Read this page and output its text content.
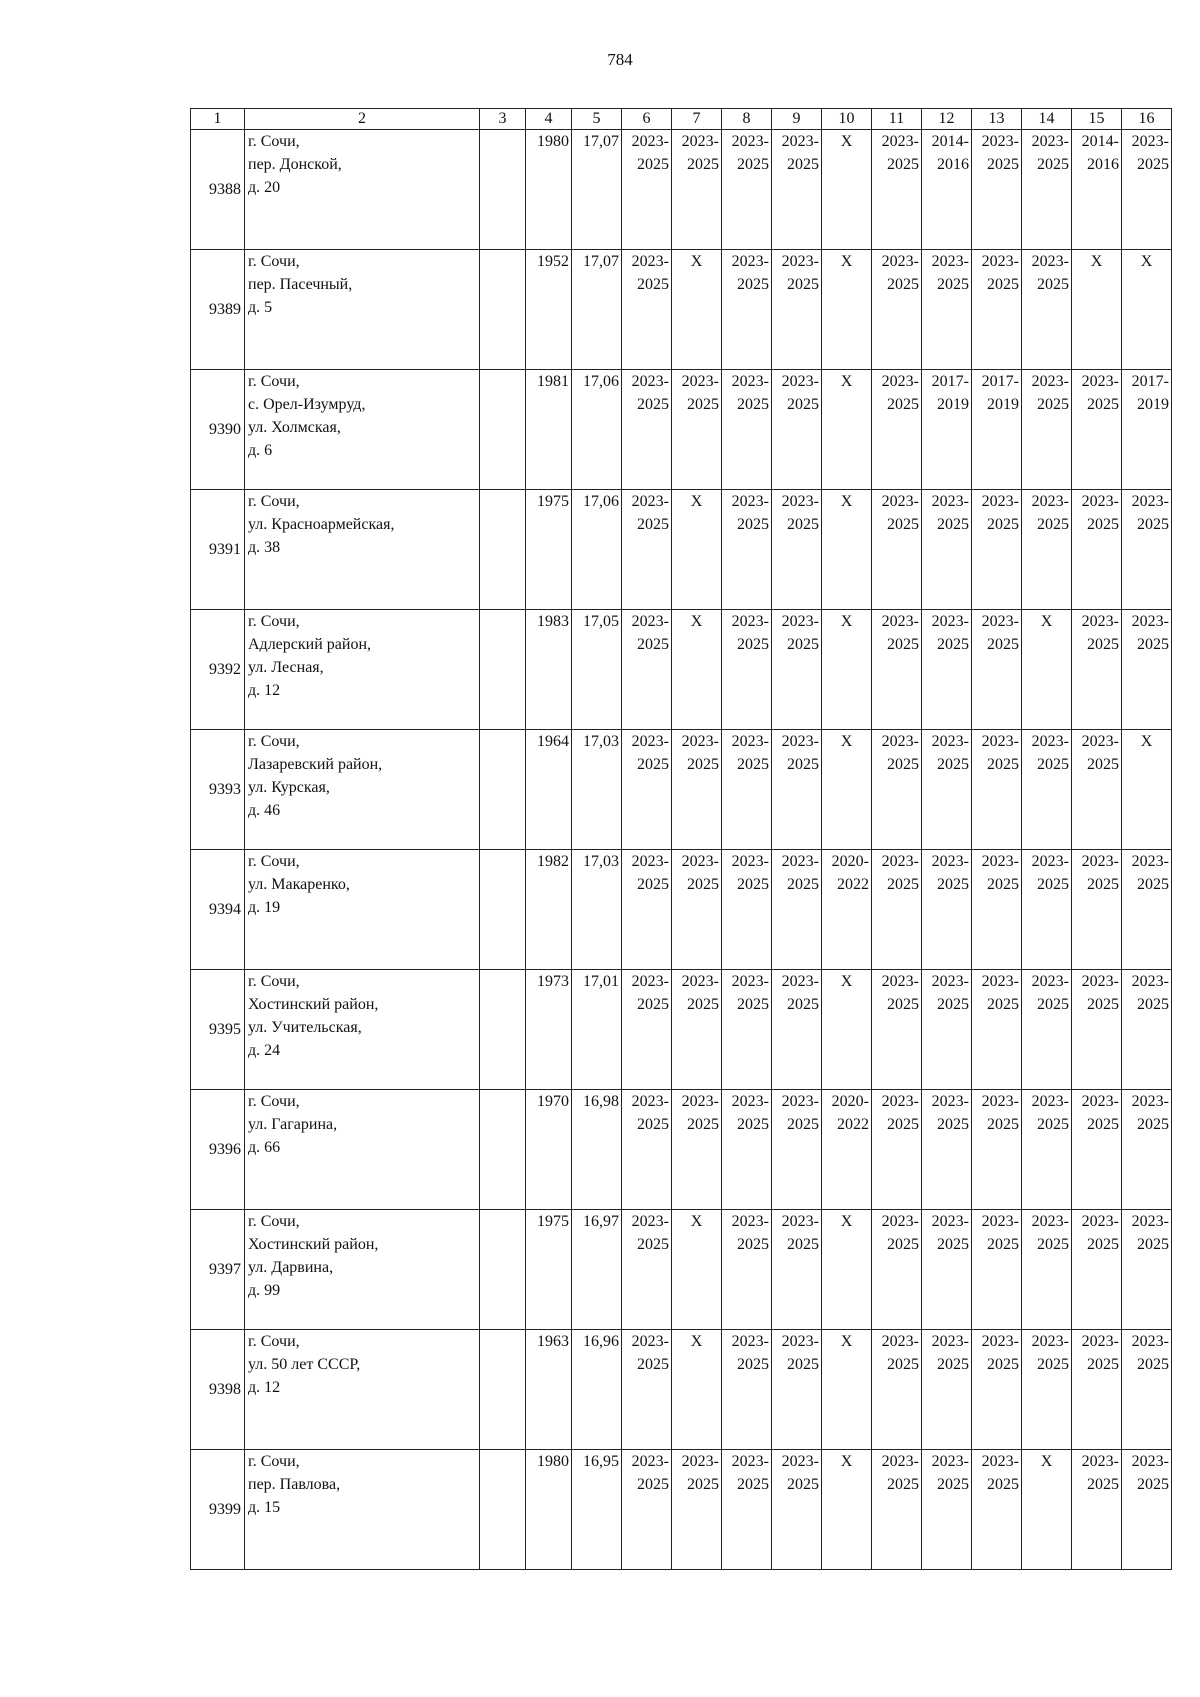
784
1	2	3	4	5	6	7	8	9	10	11	12	13	14	15	16
9388	г. Сочи,
пер. Донской,
д. 20		1980	17,07	2023-
2025	2023-
2025	2023-
2025	2023-
2025	X	2023-
2025	2014-
2016	2023-
2025	2023-
2025	2014-
2016	2023-
2025

9389	г. Сочи,
пер. Пасечный,
д. 5		1952	17,07	2023-
2025	X	2023-
2025	2023-
2025	X	2023-
2025	2023-
2025	2023-
2025	2023-
2025	X	X

9390	г. Сочи,
с. Орел-Изумруд,
ул. Холмская,
д. 6		1981	17,06	2023-
2025	2023-
2025	2023-
2025	2023-
2025	X	2023-
2025	2017-
2019	2017-
2019	2023-
2025	2023-
2025	2017-
2019

9391	г. Сочи,
ул. Красноармейская,
д. 38		1975	17,06	2023-
2025	X	2023-
2025	2023-
2025	X	2023-
2025	2023-
2025	2023-
2025	2023-
2025	2023-
2025	2023-
2025

9392	г. Сочи,
Адлерский район,
ул. Лесная,
д. 12		1983	17,05	2023-
2025	X	2023-
2025	2023-
2025	X	2023-
2025	2023-
2025	2023-
2025	X	2023-
2025	2023-
2025

9393	г. Сочи,
Лазаревский район,
ул. Курская,
д. 46		1964	17,03	2023-
2025	2023-
2025	2023-
2025	2023-
2025	X	2023-
2025	2023-
2025	2023-
2025	2023-
2025	2023-
2025	X

9394	г. Сочи,
ул. Макаренко,
д. 19		1982	17,03	2023-
2025	2023-
2025	2023-
2025	2023-
2025	2020-
2022	2023-
2025	2023-
2025	2023-
2025	2023-
2025	2023-
2025	2023-
2025

9395	г. Сочи,
Хостинский район,
ул. Учительская,
д. 24		1973	17,01	2023-
2025	2023-
2025	2023-
2025	2023-
2025	X	2023-
2025	2023-
2025	2023-
2025	2023-
2025	2023-
2025	2023-
2025

9396	г. Сочи,
ул. Гагарина,
д. 66		1970	16,98	2023-
2025	2023-
2025	2023-
2025	2023-
2025	2020-
2022	2023-
2025	2023-
2025	2023-
2025	2023-
2025	2023-
2025	2023-
2025

9397	г. Сочи,
Хостинский район,
ул. Дарвина,
д. 99		1975	16,97	2023-
2025	X	2023-
2025	2023-
2025	X	2023-
2025	2023-
2025	2023-
2025	2023-
2025	2023-
2025	2023-
2025

9398	г. Сочи,
ул. 50 лет СССР,
д. 12		1963	16,96	2023-
2025	X	2023-
2025	2023-
2025	X	2023-
2025	2023-
2025	2023-
2025	2023-
2025	2023-
2025	2023-
2025

9399	г. Сочи,
пер. Павлова,
д. 15		1980	16,95	2023-
2025	2023-
2025	2023-
2025	2023-
2025	X	2023-
2025	2023-
2025	2023-
2025	X	2023-
2025	2023-
2025
